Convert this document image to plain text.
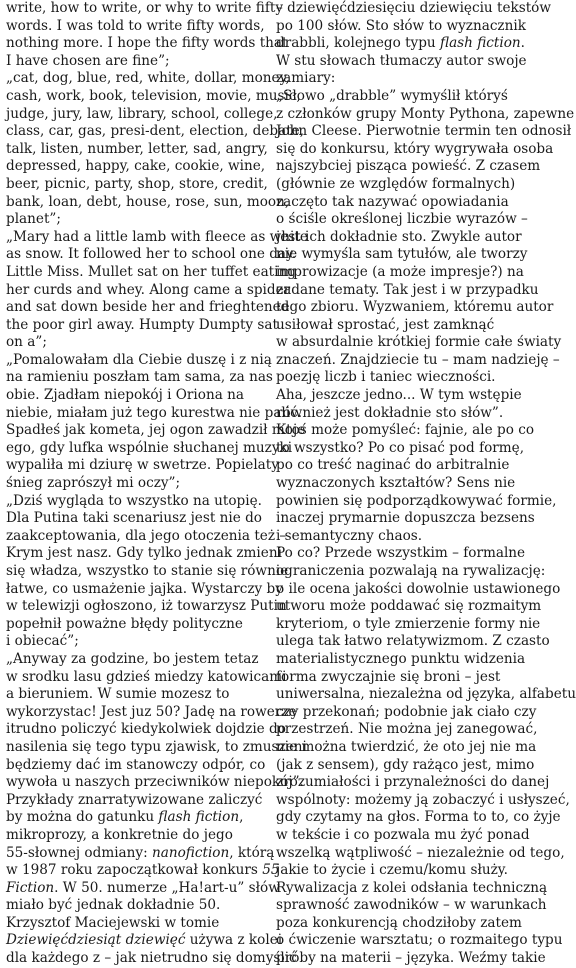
write, how to write, or why to write fifty
words. I was told to write fifty words,
nothing more. I hope the fifty words that
I have chosen are fine”;
„cat, dog, blue, red, white, dollar, money,
cash, work, book, television, movie, music,
judge, jury, law, library, school, college,
class, car, gas, presi-dent, election, debate,
talk, listen, number, letter, sad, angry,
depressed, happy, cake, cookie, wine,
beer, picnic, party, shop, store, credit,
bank, loan, debt, house, rose, sun, moon,
planet”;
„Mary had a little lamb with fleece as white
as snow. It followed her to school one day.
Little Miss. Mullet sat on her tuffet eating
her curds and whey. Along came a spider
and sat down beside her and frieghtened
the poor girl away. Humpty Dumpty sat
on a”;
„Pomalowałam dla Ciebie duszę i z nią
na ramieniu poszłam tam sama, za nas
obie. Zjadłam niepokój i Oriona na
niebie, miałam już tego kurestwa nie palić.
Spadłeś jak kometa, jej ogon zawadził moje
ego, gdy lufka wspólnie słuchanej muzyki
wypaliła mi dziurę w swetrze. Popielaty
śnieg zaprószył mi oczy”;
„Dziś wygląda to wszystko na utopię.
Dla Putina taki scenariusz jest nie do
zaakceptowania, dla jego otoczenia też –
Krym jest nasz. Gdy tylko jednak zmieni
się władza, wszystko to stanie się równie
łatwe, co usmażenie jajka. Wystarczy by
w telewizji ogłoszono, iż towarzysz Putin
popełnił poważne błędy polityczne
i obiecać”;
„Anyway za godzine, bo jestem tetaz
w srodku lasu gdzieś miedzy katowicami
a bieruniem. W sumie mozesz to
wykorzystac! Jest juz 50? Jadę na rowerze
itrudno policzyć kiedykolwiek dojdzie do
nasilenia się tego typu zjawisk, to zmuszeni
będziemy dać im stanowczy odpór, co
wywoła u naszych przeciwników niepokój”.
Przykłady znarratywizowane zaliczyć
by można do gatunku flash fiction,
mikroprozy, a konkretnie do jego
55-słownej odmiany: nanofiction, którą
w 1987 roku zapoczątkował konkurs 55
Fiction. W 50. numerze „Ha!art-u” słów
miało być jednak dokładnie 50.
Krzysztof Maciejewski w tomie
Dziewięćdziesiąt dziewięć używa z kolei
dla każdego z – jak nietrudno się domyślić
– dziewięćdziesięciu dziewięciu tekstów
po 100 słów. Sto słów to wyznacznik
drabbli, kolejnego typu flash fiction.
W stu słowach tłumaczy autor swoje
zamiary:
„Słowo „drabble” wymyślił któryś
z członków grupy Monty Pythona, zapewne
John Cleese. Pierwotnie termin ten odnosił
się do konkursu, który wygrywała osoba
najszybciej pisząca powieść. Z czasem
(głównie ze względów formalnych)
zaczęto tak nazywać opowiadania
o ściśle określonej liczbie wyrazów –
jest ich dokładnie sto. Zwykle autor
nie wymyśla sam tytułów, ale tworzy
improwizacje (a może impresje?) na
zadane tematy. Tak jest i w przypadku
tego zbioru. Wyzwaniem, któremu autor
usiłował sprostać, jest zamknąć
w absurdalnie krótkiej formie całe światy
znaczeń. Znajdziecie tu – mam nadzieję –
poezję liczb i taniec wieczności.
Aha, jeszcze jedno... W tym wstępie
również jest dokładnie sto słów”.
Ktoś może pomyśleć: fajnie, ale po co
to wszystko? Po co pisać pod formę,
po co treść naginać do arbitralnie
wyznaczonych kształtów? Sens nie
powinien się podporządkowywać formie,
inaczej prymarnie dopuszcza bezsens
i semantyczny chaos.
Po co? Przede wszystkim – formalne
ograniczenia pozwalają na rywalizację:
o ile ocena jakości dowolnie ustawionego
utworu może poddawać się rozmaitym
kryteriom, o tyle zmierzenie formy nie
ulega tak łatwo relatywizmom. Z czasto
materialistycznego punktu widzenia
forma zwyczajnie się broni – jest
uniwersalna, niezależna od języka, alfabetu
czy przekonań; podobnie jak ciało czy
przestrzeń. Nie można jej zanegować,
nie można twierdzić, że oto jej nie ma
(jak z sensem), gdy rażąco jest, mimo
zrozumiałości i przynależności do danej
wspólnoty: możemy ją zobaczyć i usłyszeć,
gdy czytamy na głos. Forma to to, co żyje
w tekście i co pozwala mu żyć ponad
wszelką wątpliwość – niezależnie od tego,
jakie to życie i czemu/komu służy.
Rywalizacja z kolei odsłania techniczną
sprawność zawodników – w warunkach
poza konkurencją chodziłoby zatem
o ćwiczenie warsztatu; o rozmaitego typu
próby na materii – języka. Weźmy takie
